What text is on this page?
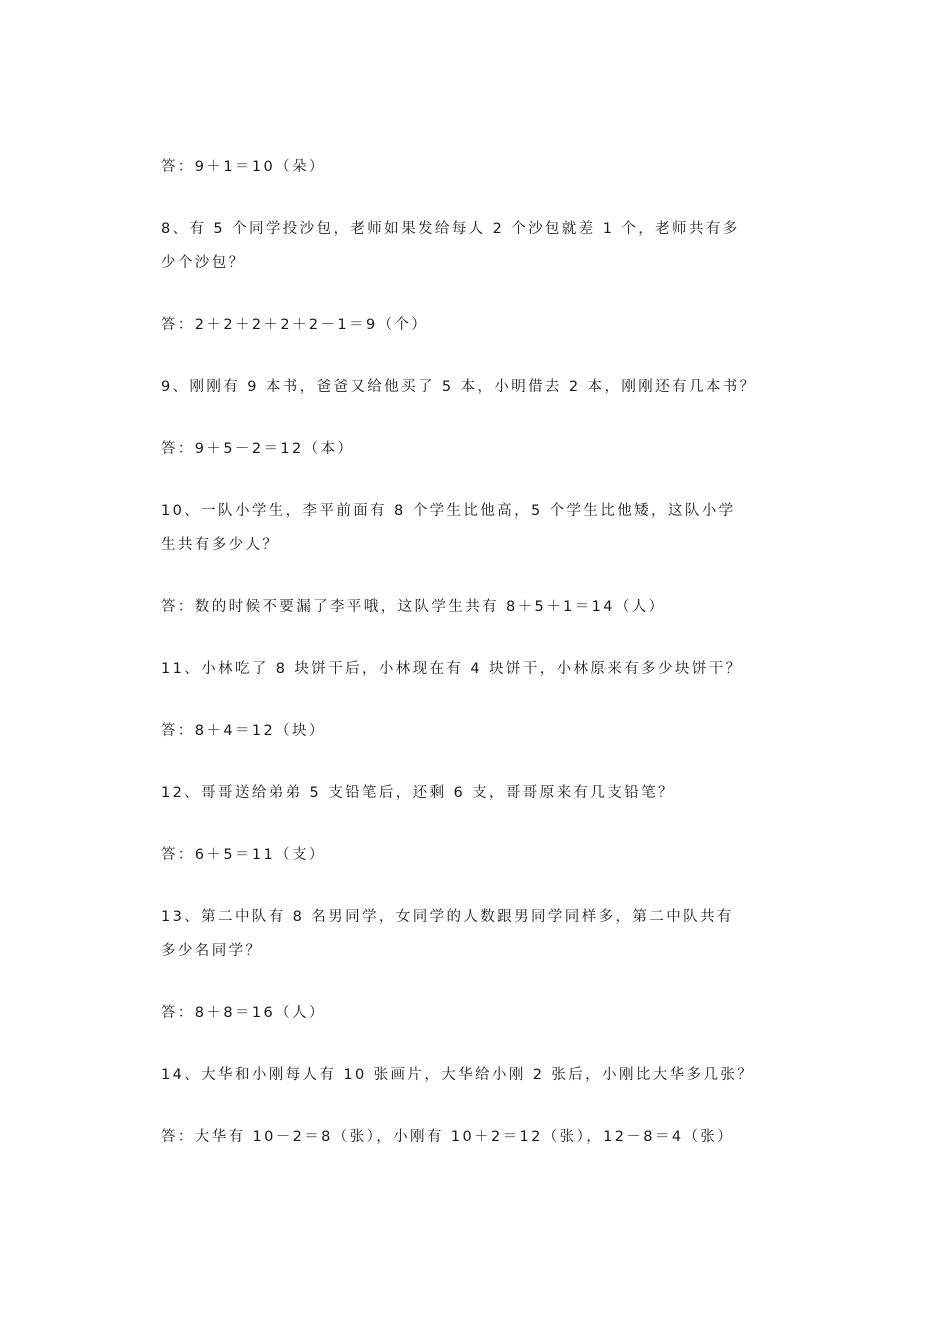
答：9＋1＝10（朵）
8、有 5 个同学投沙包，老师如果发给每人 2 个沙包就差 1 个，老师共有多
少个沙包？
答：2＋2＋2＋2＋2－1＝9（个）
9、刚刚有 9 本书，爸爸又给他买了 5 本，小明借去 2 本，刚刚还有几本书？
答：9＋5－2＝12（本）
10、一队小学生，李平前面有 8 个学生比他高，5 个学生比他矮，这队小学
生共有多少人？
答：数的时候不要漏了李平哦，这队学生共有 8＋5＋1＝14（人）
11、小林吃了 8 块饼干后，小林现在有 4 块饼干，小林原来有多少块饼干？
答：8＋4＝12（块）
12、哥哥送给弟弟 5 支铅笔后，还剩 6 支，哥哥原来有几支铅笔？
答：6＋5＝11（支）
13、第二中队有 8 名男同学，女同学的人数跟男同学同样多，第二中队共有
多少名同学？
答：8＋8＝16（人）
14、大华和小刚每人有 10 张画片，大华给小刚 2 张后，小刚比大华多几张？
答：大华有 10－2＝8（张），小刚有 10＋2＝12（张），12－8＝4（张）
